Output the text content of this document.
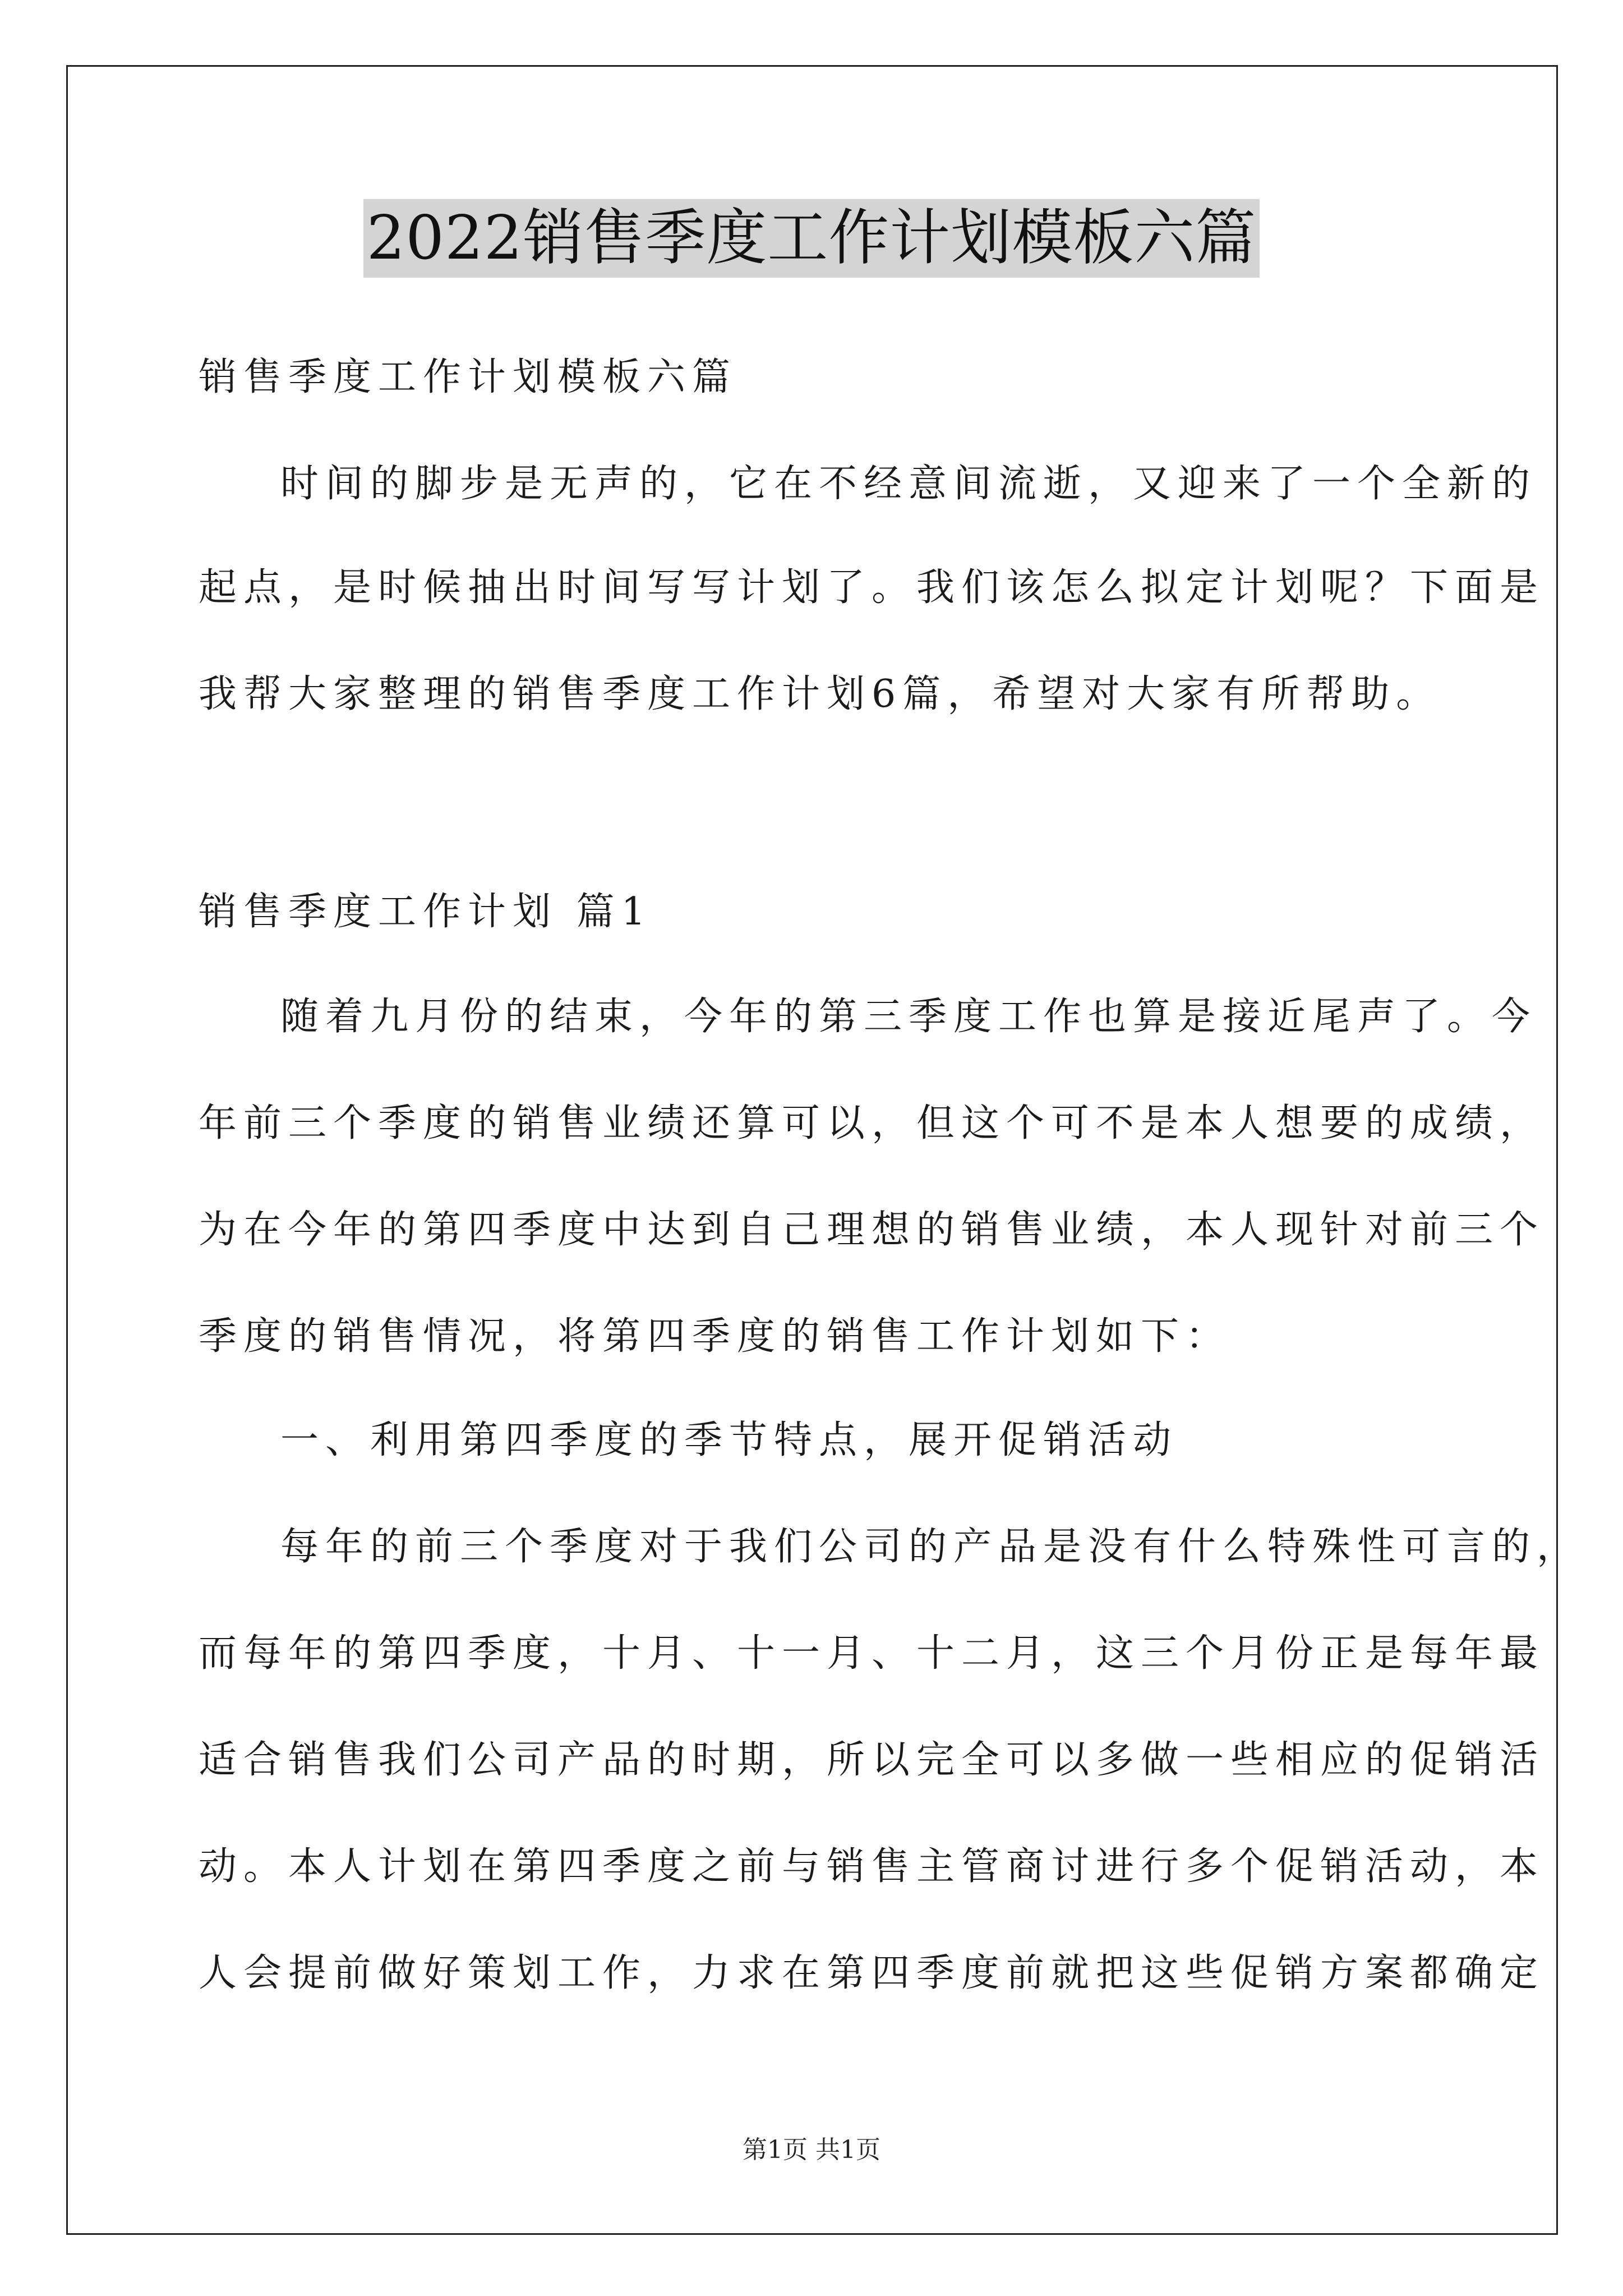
2022销售季度工作计划模板六篇
销售季度工作计划模板六篇
时间的脚步是无声的，它在不经意间流逝，又迎来了一个全新的
起点，是时候抽出时间写写计划了。我们该怎么拟定计划呢？下面是
我帮大家整理的销售季度工作计划6篇，希望对大家有所帮助。
销售季度工作计划 篇1
随着九月份的结束，今年的第三季度工作也算是接近尾声了。今
年前三个季度的销售业绩还算可以，但这个可不是本人想要的成绩，
为在今年的第四季度中达到自己理想的销售业绩，本人现针对前三个
季度的销售情况，将第四季度的销售工作计划如下：
一、利用第四季度的季节特点，展开促销活动
每年的前三个季度对于我们公司的产品是没有什么特殊性可言的，
而每年的第四季度，十月、十一月、十二月，这三个月份正是每年最
适合销售我们公司产品的时期，所以完全可以多做一些相应的促销活
动。本人计划在第四季度之前与销售主管商讨进行多个促销活动，本
人会提前做好策划工作，力求在第四季度前就把这些促销方案都确定
第1页 共1页
